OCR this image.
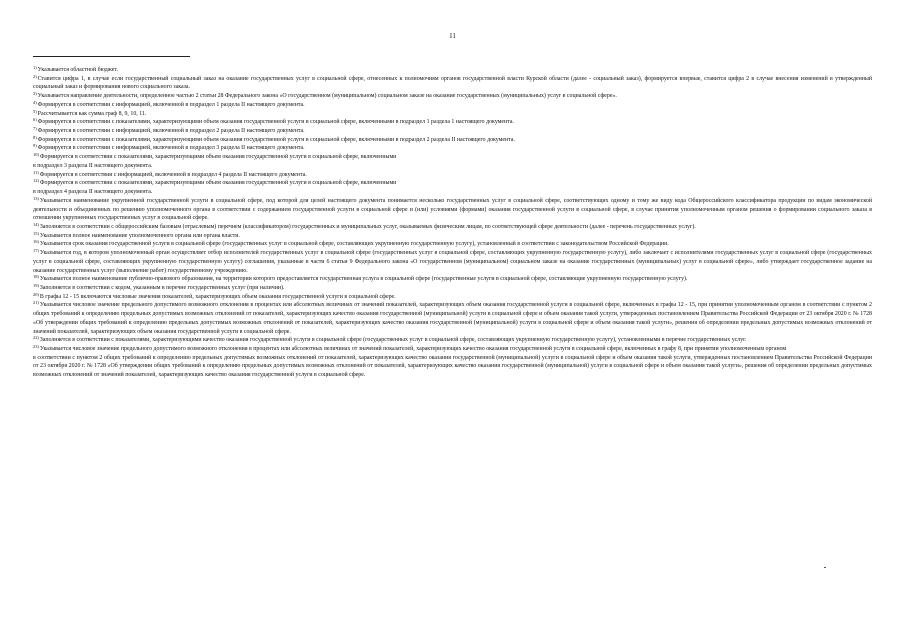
11

$^{1)}$Указывается областной бюджет.

$^{2)}$Ставится цифра 1, в случае если государственный социальный заказ на оказание государственных услуг в социальной сфере, отнесенных к полномочиям органов государственной власти Курской области (далее - социальный заказ), формируется впервые, ставится цифра 2 в случае внесения изменений в утвержденный социальный заказ и формирования нового социального заказа.

$^{3)}$Указывается направление деятельности, определенное частью 2 статьи 28 Федерального закона «О государственном (муниципальном) социальном заказе на оказание государственных (муниципальных) услуг в социальной сфере».

$^{4)}$Формируется в соответствии с информацией, включенной в подраздел 1 раздела II настоящего документа.

$^{5)}$Рассчитывается как сумма граф 8, 9, 10, 11.

$^{6)}$Формируется в соответствии с показателями, характеризующими объем оказания государственной услуги в социальной сфере, включенными в подраздел 1 раздела 1 настоящего документа.

$^{7)}$Формируется в соответствии с информацией, включенной в подраздел 2 раздела II настоящего документа.

$^{8)}$Формируется в соответствии с показателями, характеризующими объем оказания государственной услуги в социальной сфере, включенными в подраздел 2 раздела II настоящего документа.

$^{9)}$Формируется в соответствии с информацией, включенной в подраздел 3 раздела II настоящего документа.

$^{10)}$Формируется в соответствии с показателями, характеризующими объем оказания государственной услуги в социальной сфере, включенными

в подраздел 3 раздела II настоящего документа.

$^{11)}$Формируется в соответствии с информацией, включенной в подраздел 4 раздела II настоящего документа.

$^{12)}$Формируется в соответствии с показателями, характеризующими объем оказания государственной услуги в социальной сфере, включенными

в подраздел 4 раздела II настоящего документа.

$^{13)}$Указывается наименование укрупненной государственной услуги в социальной сфере, под которой для целей настоящего документа понимается несколько государственных услуг в социальной сфере, соответствующих одному и тому же виду кода Общероссийского классификатора продукции по видам экономической деятельности и объединенных по решению уполномоченного органа в соответствии с содержанием государственной услуги в социальной сфере и (или) условиями (формами) оказания государственной услуги в социальной сфере, в случае принятия уполномоченным органом решения о формировании социального заказа в отношении укрупненных государственных услуг в социальной сфере.

$^{14)}$Заполняется в соответствии с общероссийским базовым (отраслевым) перечнем (классификатором) государственных и муниципальных услуг, оказываемых физическим лицам, по соответствующей сфере деятельности (далее - перечень государственных услуг).

$^{15)}$Указывается полное наименование уполномоченного органа или органа власти.

$^{16)}$Указывается срок оказания государственной услуги в социальной сфере (государственных услуг в социальной сфере, составляющих укрупненную государственную услугу), установленный в соответствии с законодательством Российской Федерации.

$^{17)}$Указывается год, в котором уполномоченный орган осуществляет отбор исполнителей государственных услуг в социальной сфере (государственных услуг в социальной сфере, составляющих укрупненную государственную услугу), либо заключает с исполнителями государственных услуг в социальной сфере (государственных услуг в социальной сфере, составляющих укрупненную государственную услугу) соглашения, указанные в части 6 статьи 9 Федерального закона «О государственном (муниципальном) социальном заказе на оказание государственных (муниципальных) услуг в социальной сфере», либо утверждает государственное задание на оказание государственных услуг (выполнение работ) государственному учреждению.

$^{18)}$Указывается полное наименование публично-правового образования, на территории которого предоставляется государственная услуга в социальной сфере (государственные услуги в социальной сфере, составляющие укрупненную государственную услугу).

$^{19)}$Заполняется в соответствии с кодом, указанным в перечне государственных услуг (при наличии).

$^{20)}$В графы 12 - 15 включаются числовые значения показателей, характеризующих объем оказания государственной услуги в социальной сфере.

$^{21)}$Указывается числовое значение предельного допустимого возможного отклонения в процентах или абсолютных величинах от значений показателей, характеризующих объем оказания государственной услуги в социальной сфере, включенных в графы 12 - 15, при принятии уполномоченным органом в соответствии с пунктом 2 общих требований к определению предельных допустимых возможных отклонений от показателей, характеризующих качество оказания государственной (муниципальной) услуги в социальной сфере и объем оказания такой услуги, утвержденных постановлением Правительства Российской Федерации от 23 октября 2020 г. № 1728 «Об утверждении общих требований к определению предельных допустимых возможных отклонений от показателей, характеризующих качество оказания государственной (муниципальной) услуги в социальной сфере и объем оказания такой услуги», решения об определении предельных допустимых возможных отклонений от значений показателей, характеризующих объем оказания государственной услуги в социальной сфере.

$^{22)}$Заполняется в соответствии с показателями, характеризующими качество оказания государственной услуги в социальной сфере (государственных услуг в социальной сфере, составляющих укрупненную государственную услугу), установленными в перечне государственных услуг.

$^{23)}$Указывается числовое значение предельного допустимого возможного отклонения в процентах или абсолютных величинах от значений показателей, характеризующих качество оказания государственной услуги в социальной сфере, включенных в графу 8, при принятии уполномоченным органом

в соответствии с пунктом 2 общих требований к определению предельных допустимых возможных отклонений от показателей, характеризующих качество оказания государственной (муниципальной) услуги в социальной сфере и объем оказания такой услуги, утвержденных постановлением Правительства Российской Федерации от 23 октября 2020 г. № 1728 «Об утверждении общих требований к определению предельных допустимых возможных отклонений от показателей, характеризующих качество оказания государственной (муниципальной) услуги в социальной сфере и объем оказания такой услуги», решения об определении предельных допустимых возможных отклонений от значений показателей, характеризующих качество оказания государственной услуги в социальной сфере.
